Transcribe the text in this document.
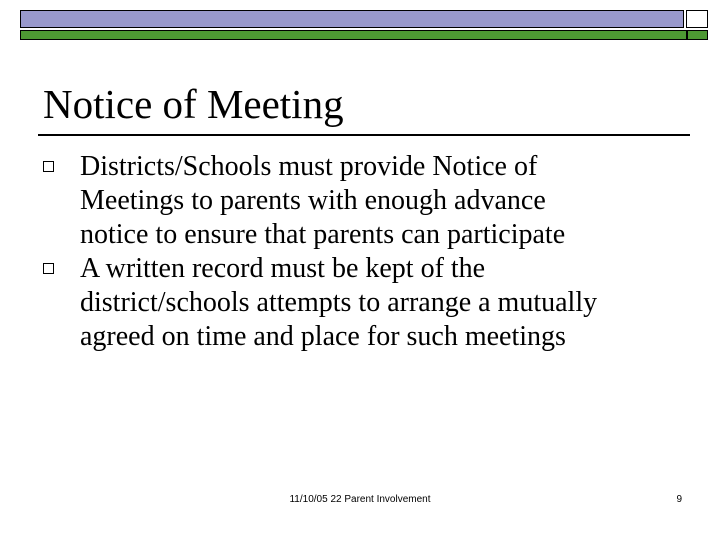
Notice of Meeting
Districts/Schools must provide Notice of
Meetings to parents with enough advance
notice to ensure that parents can participate
A written record must be kept of the
district/schools attempts to arrange a mutually
agreed on time and place for such meetings
11/10/05 22 Parent Involvement	9
